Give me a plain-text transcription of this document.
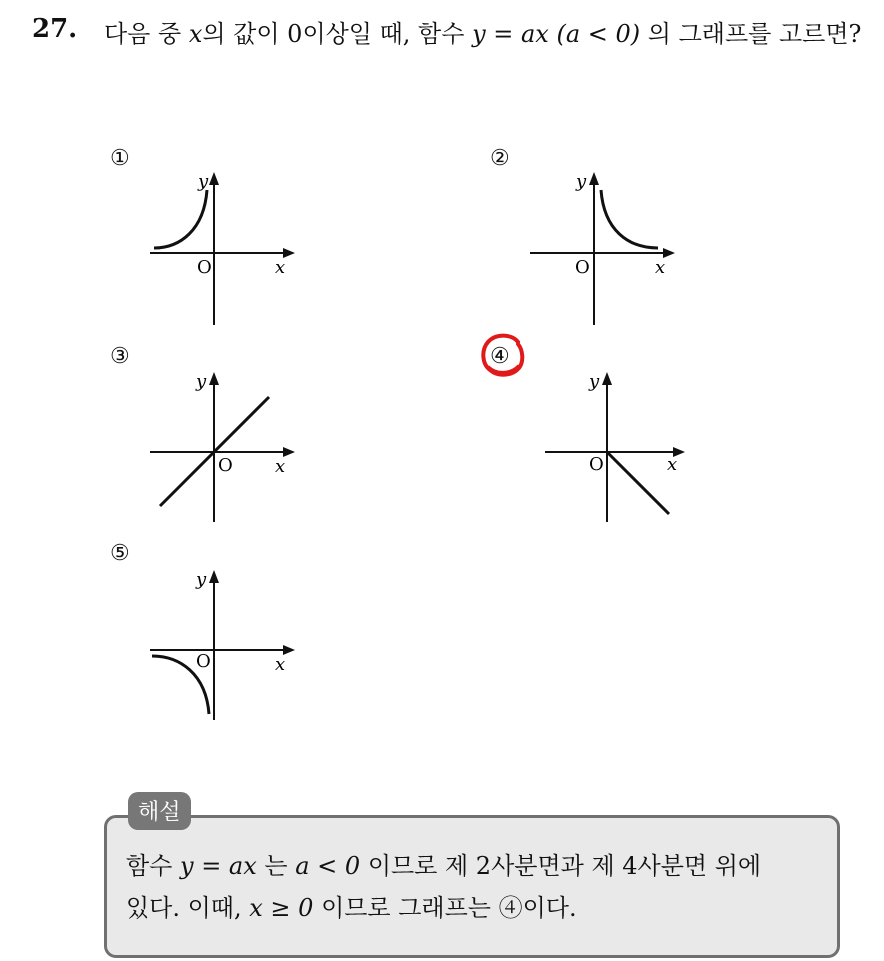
27. 다음 중 x의 값이 0이상일 때, 함수 y = ax (a < 0) 의 그래프를 고르면?
①
y
x
O
②
y
x
O
③
y
x
O
④
y
x
O
⑤
y
x
O
해설
함수 y = ax 는 a < 0 이므로 제 2사분면과 제 4사분면 위에
있다. 이때, x ≥ 0 이므로 그래프는 ④이다.
